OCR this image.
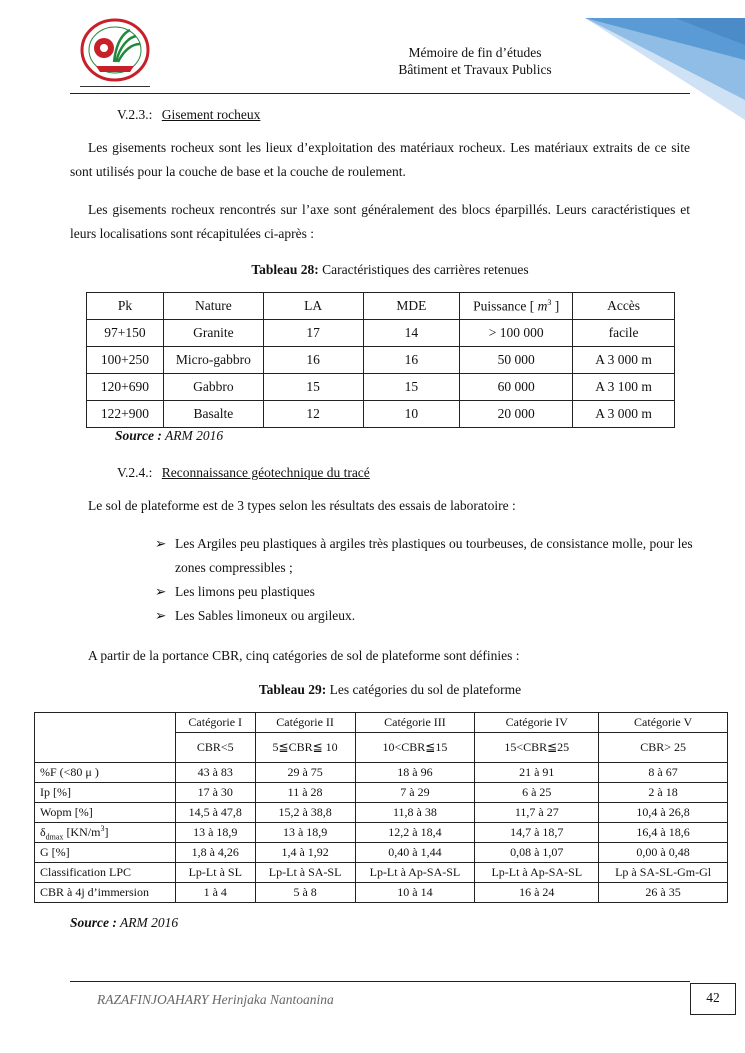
Mémoire de fin d’études
Bâtiment et Travaux Publics
V.2.3.: Gisement rocheux
Les gisements rocheux sont les lieux d’exploitation des matériaux rocheux. Les matériaux extraits de ce site sont utilisés pour la couche de base et la couche de roulement.
Les gisements rocheux rencontrés sur l’axe sont généralement des blocs éparpillés. Leurs caractéristiques et leurs localisations sont récapitulées ci-après :
Tableau 28: Caractéristiques des carrières retenues
Pk	Nature	LA	MDE	Puissance [ $m^3$ ]	Accès
97+150	Granite	17	14	> 100 000	facile
100+250	Micro-gabbro	16	16	50 000	A 3 000 m
120+690	Gabbro	15	15	60 000	A 3 100 m
122+900	Basalte	12	10	20 000	A 3 000 m
Source : ARM 2016
V.2.4.: Reconnaissance géotechnique du tracé
Le sol de plateforme est de 3 types selon les résultats des essais de laboratoire :
➢ Les Argiles peu plastiques à argiles très plastiques ou tourbeuses, de consistance molle, pour les zones compressibles ;
➢ Les limons peu plastiques
➢ Les Sables limoneux ou argileux.
A partir de la portance CBR, cinq catégories de sol de plateforme sont définies :
Tableau 29: Les catégories du sol de plateforme
	Catégorie I	Catégorie II	Catégorie III	Catégorie IV	Catégorie V
	CBR<5	5≦CBR≦ 10	10<CBR≦15	15<CBR≦25	CBR> 25
%F (<80 μ )	43 à 83	29 à 75	18 à 96	21 à 91	8 à 67
Ip [%]	17 à 30	11 à 28	7 à 29	6 à 25	2 à 18
Wopm [%]	14,5 à 47,8	15,2 à 38,8	11,8 à 38	11,7 à 27	10,4 à 26,8
$\delta_{dmax}$ $[KN/m^3]$	13 à 18,9	13 à 18,9	12,2 à 18,4	14,7 à 18,7	16,4 à 18,6
G [%]	1,8 à 4,26	1,4 à 1,92	0,40 à 1,44	0,08 à 1,07	0,00 à 0,48
Classification LPC	Lp-Lt à SL	Lp-Lt à SA-SL	Lp-Lt à Ap-SA-SL	Lp-Lt à Ap-SA-SL	Lp à SA-SL-Gm-Gl
CBR à 4j d’immersion	1 à 4	5 à 8	10 à 14	16 à 24	26 à 35
Source : ARM 2016
RAZAFINJOAHARY Herinjaka Nantoanina	42
